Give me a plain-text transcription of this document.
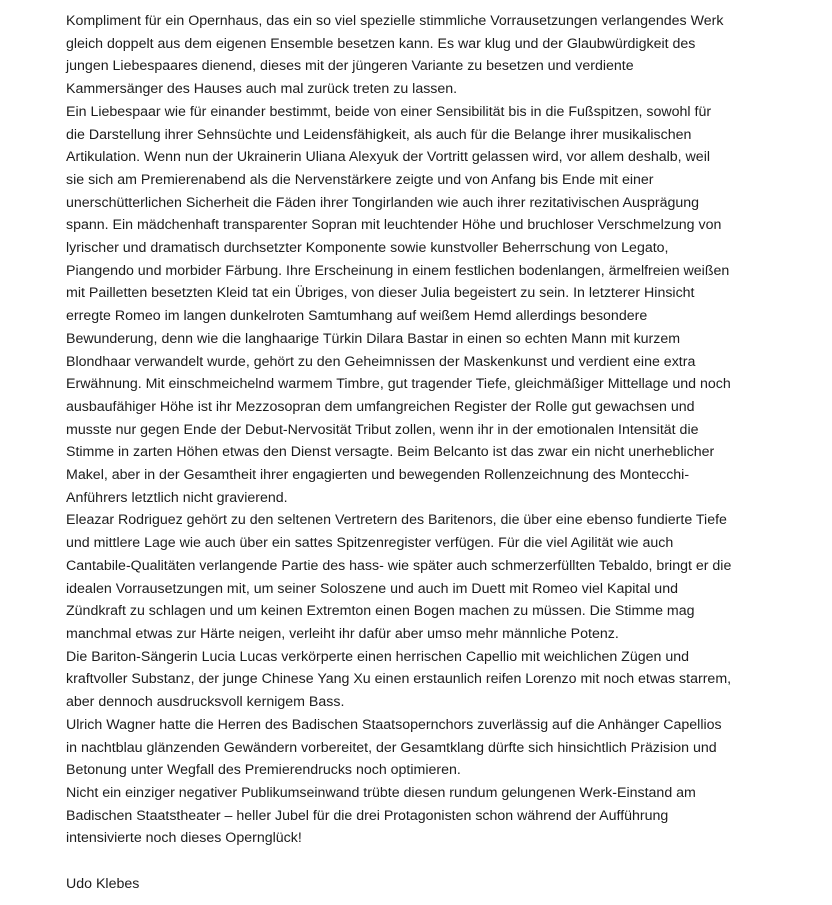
Kompliment für ein Opernhaus, das ein so viel spezielle stimmliche Vorrausetzungen verlangendes Werk gleich doppelt aus dem eigenen Ensemble besetzen kann. Es war klug und der Glaubwürdigkeit des jungen Liebespaares dienend, dieses mit der jüngeren Variante zu besetzen und verdiente Kammersänger des Hauses auch mal zurück treten zu lassen.

Ein Liebespaar wie für einander bestimmt, beide von einer Sensibilität bis in die Fußspitzen, sowohl für die Darstellung ihrer Sehnsüchte und Leidensfähigkeit, als auch für die Belange ihrer musikalischen Artikulation. Wenn nun der Ukrainerin Uliana Alexyuk der Vortritt gelassen wird, vor allem deshalb, weil sie sich am Premierenabend als die Nervenstärkere zeigte und von Anfang bis Ende mit einer unerschütterlichen Sicherheit die Fäden ihrer Tongirlanden wie auch ihrer rezitativischen Ausprägung spann. Ein mädchenhaft transparenter Sopran mit leuchtender Höhe und bruchloser Verschmelzung von lyrischer und dramatisch durchsetzter Komponente sowie kunstvoller Beherrschung von Legato, Piangendo und morbider Färbung. Ihre Erscheinung in einem festlichen bodenlangen, ärmelfreien weißen mit Pailletten besetzten Kleid tat ein Übriges, von dieser Julia begeistert zu sein. In letzterer Hinsicht erregte Romeo im langen dunkelroten Samtumhang auf weißem Hemd allerdings besondere Bewunderung, denn wie die langhaarige Türkin Dilara Bastar in einen so echten Mann mit kurzem Blondhaar verwandelt wurde, gehört zu den Geheimnissen der Maskenkunst und verdient eine extra Erwähnung. Mit einschmeichelnd warmem Timbre, gut tragender Tiefe, gleichmäßiger Mittellage und noch ausbaufähiger Höhe ist ihr Mezzosopran dem umfangreichen Register der Rolle gut gewachsen und musste nur gegen Ende der Debut-Nervosität Tribut zollen, wenn ihr in der emotionalen Intensität die Stimme in zarten Höhen etwas den Dienst versagte. Beim Belcanto ist das zwar ein nicht unerheblicher Makel, aber in der Gesamtheit ihrer engagierten und bewegenden Rollenzeichnung des Montecchi-Anführers letztlich nicht gravierend.

Eleazar Rodriguez gehört zu den seltenen Vertretern des Baritenors, die über eine ebenso fundierte Tiefe und mittlere Lage wie auch über ein sattes Spitzenregister verfügen. Für die viel Agilität wie auch Cantabile-Qualitäten verlangende Partie des hass- wie später auch schmerzerfüllten Tebaldo, bringt er die idealen Vorrausetzungen mit, um seiner Soloszene und auch im Duett mit Romeo viel Kapital und Zündkraft zu schlagen und um keinen Extremton einen Bogen machen zu müssen. Die Stimme mag manchmal etwas zur Härte neigen, verleiht ihr dafür aber umso mehr männliche Potenz.

Die Bariton-Sängerin Lucia Lucas verkörperte einen herrischen Capellio mit weichlichen Zügen und kraftvoller Substanz, der junge Chinese Yang Xu einen erstaunlich reifen Lorenzo mit noch etwas starrem, aber dennoch ausdrucksvoll kernigem Bass.

Ulrich Wagner hatte die Herren des Badischen Staatsopernchors zuverlässig auf die Anhänger Capellios in nachtblau glänzenden Gewändern vorbereitet, der Gesamtklang dürfte sich hinsichtlich Präzision und Betonung unter Wegfall des Premierendrucks noch optimieren.

Nicht ein einziger negativer Publikumseinwand trübte diesen rundum gelungenen Werk-Einstand am Badischen Staatstheater – heller Jubel für die drei Protagonisten schon während der Aufführung intensivierte noch dieses Opernglück!

Udo Klebes
